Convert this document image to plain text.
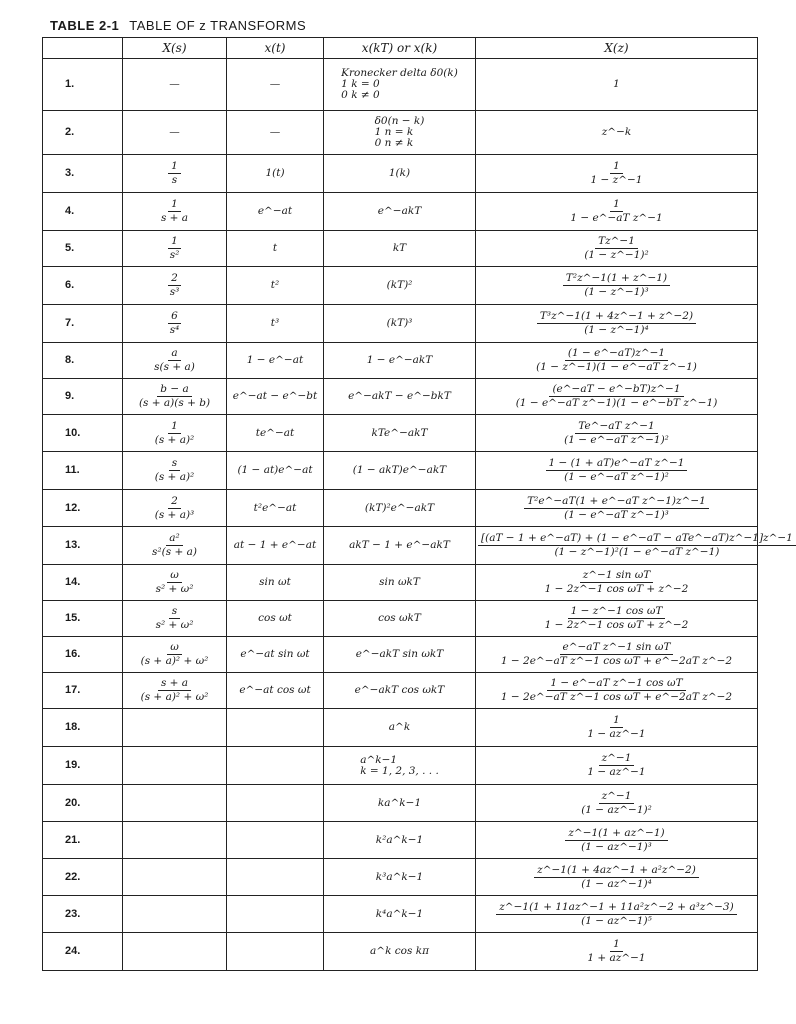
TABLE 2-1 TABLE OF z TRANSFORMS
	X(s)	x(t)	x(kT) or x(k)	X(z)
1.	—	—	Kronecker delta δ0(k)
1 k = 0
0 k ≠ 0	1
2.	—	—	δ0(n − k)
1 n = k
0 n ≠ k	z^−k
3.	$\frac{1}{s}$	1(t)	1(k)	$\frac{1}{1 - z\^{}-1}$

4.	$\frac{1}{s + a}$	e^−at	e^−akT	$\frac{1}{\text{1 − e\textasciicircum{}−aT z\textasciicircum{}−1}}$

5.	$\frac{1}{\text{s²}}$	t	kT	$\frac{Tz\^{}-1}{\text{(1 − z\textasciicircum{}−1)²}}$

6.	$\frac{2}{\text{s³}}$	t²	(kT)²	$\frac{\text{T²z\textasciicircum{}−1(1 + z\textasciicircum{}−1)}}{\text{(1 − z\textasciicircum{}−1)³}}$

7.	$\frac{6}{\text{s⁴}}$	t³	(kT)³	$\frac{\text{T³z\textasciicircum{}−1(1 + 4z\textasciicircum{}−1 + z\textasciicircum{}−2)}}{\text{(1 − z\textasciicircum{}−1)⁴}}$

8.	$\frac{a}{s(s + a)}$	1 − e^−at	1 − e^−akT	$\frac{(1 - e\^{}-aT)z\^{}-1}{\text{(1 − z\textasciicircum{}−1)(1 − e\textasciicircum{}−aT z\textasciicircum{}−1)}}$

9.	$\frac{b - a}{(s + a)(s + b)}$	e^−at − e^−bt	e^−akT − e^−bkT	$\frac{(e\^{}-aT - e\^{}-bT)z\^{}-1}{\text{(1 − e\textasciicircum{}−aT z\textasciicircum{}−1)(1 − e\textasciicircum{}−bT z\textasciicircum{}−1)}}$

10.	$\frac{1}{\text{(s + a)²}}$	te^−at	kTe^−akT	$\frac{\text{Te\textasciicircum{}−aT z\textasciicircum{}−1}}{\text{(1 − e\textasciicircum{}−aT z\textasciicircum{}−1)²}}$

11.	$\frac{s}{\text{(s + a)²}}$	(1 − at)e^−at	(1 − akT)e^−akT	$\frac{\text{1 − (1 + aT)e\textasciicircum{}−aT z\textasciicircum{}−1}}{\text{(1 − e\textasciicircum{}−aT z\textasciicircum{}−1)²}}$

12.	$\frac{2}{\text{(s + a)³}}$	t²e^−at	(kT)²e^−akT	$\frac{\text{T²e\textasciicircum{}−aT(1 + e\textasciicircum{}−aT z\textasciicircum{}−1)z\textasciicircum{}−1}}{\text{(1 − e\textasciicircum{}−aT z\textasciicircum{}−1)³}}$

13.	$\frac{\text{a²}}{\text{s²(s + a)}}$	at − 1 + e^−at	akT − 1 + e^−akT	$\frac{\text{[(aT − 1 + e\textasciicircum{}−aT) + (1 − e\textasciicircum{}−aT − aTe\textasciicircum{}−aT)z\textasciicircum{}−1]z\textasciicircum{}−1}}{\text{(1 − z\textasciicircum{}−1)²(1 − e\textasciicircum{}−aT z\textasciicircum{}−1)}}$

14.	$\frac{\omega}{\text{s² + ω²}}$	sin ωt	sin ωkT	$\frac{\text{z\textasciicircum{}−1 sin ωT}}{\text{1 − 2z\textasciicircum{}−1 cos ωT + z\textasciicircum{}−2}}$

15.	$\frac{s}{\text{s² + ω²}}$	cos ωt	cos ωkT	$\frac{\text{1 − z\textasciicircum{}−1 cos ωT}}{\text{1 − 2z\textasciicircum{}−1 cos ωT + z\textasciicircum{}−2}}$

16.	$\frac{\omega}{\text{(s + a)² + ω²}}$	e^−at sin ωt	e^−akT sin ωkT	$\frac{\text{e\textasciicircum{}−aT z\textasciicircum{}−1 sin ωT}}{\text{1 − 2e\textasciicircum{}−aT z\textasciicircum{}−1 cos ωT + e\textasciicircum{}−2aT z\textasciicircum{}−2}}$

17.	$\frac{s + a}{\text{(s + a)² + ω²}}$	e^−at cos ωt	e^−akT cos ωkT	$\frac{\text{1 − e\textasciicircum{}−aT z\textasciicircum{}−1 cos ωT}}{\text{1 − 2e\textasciicircum{}−aT z\textasciicircum{}−1 cos ωT + e\textasciicircum{}−2aT z\textasciicircum{}−2}}$

18.			a^k	$\frac{1}{1 - az\^{}-1}$

19.			a^k−1
k = 1, 2, 3, . . .	$\frac{z\^{}-1}{1 - az\^{}-1}$

20.			ka^k−1	$\frac{z\^{}-1}{\text{(1 − az\textasciicircum{}−1)²}}$

21.			k²a^k−1	$\frac{z\^{}-1(1 + az\^{}-1)}{\text{(1 − az\textasciicircum{}−1)³}}$

22.			k³a^k−1	$\frac{\text{z\textasciicircum{}−1(1 + 4az\textasciicircum{}−1 + a²z\textasciicircum{}−2)}}{\text{(1 − az\textasciicircum{}−1)⁴}}$

23.			k⁴a^k−1	$\frac{\text{z\textasciicircum{}−1(1 + 11az\textasciicircum{}−1 + 11a²z\textasciicircum{}−2 + a³z\textasciicircum{}−3)}}{\text{(1 − az\textasciicircum{}−1)⁵}}$

24.			a^k cos kπ	$\frac{1}{1 + az\^{}-1}$
